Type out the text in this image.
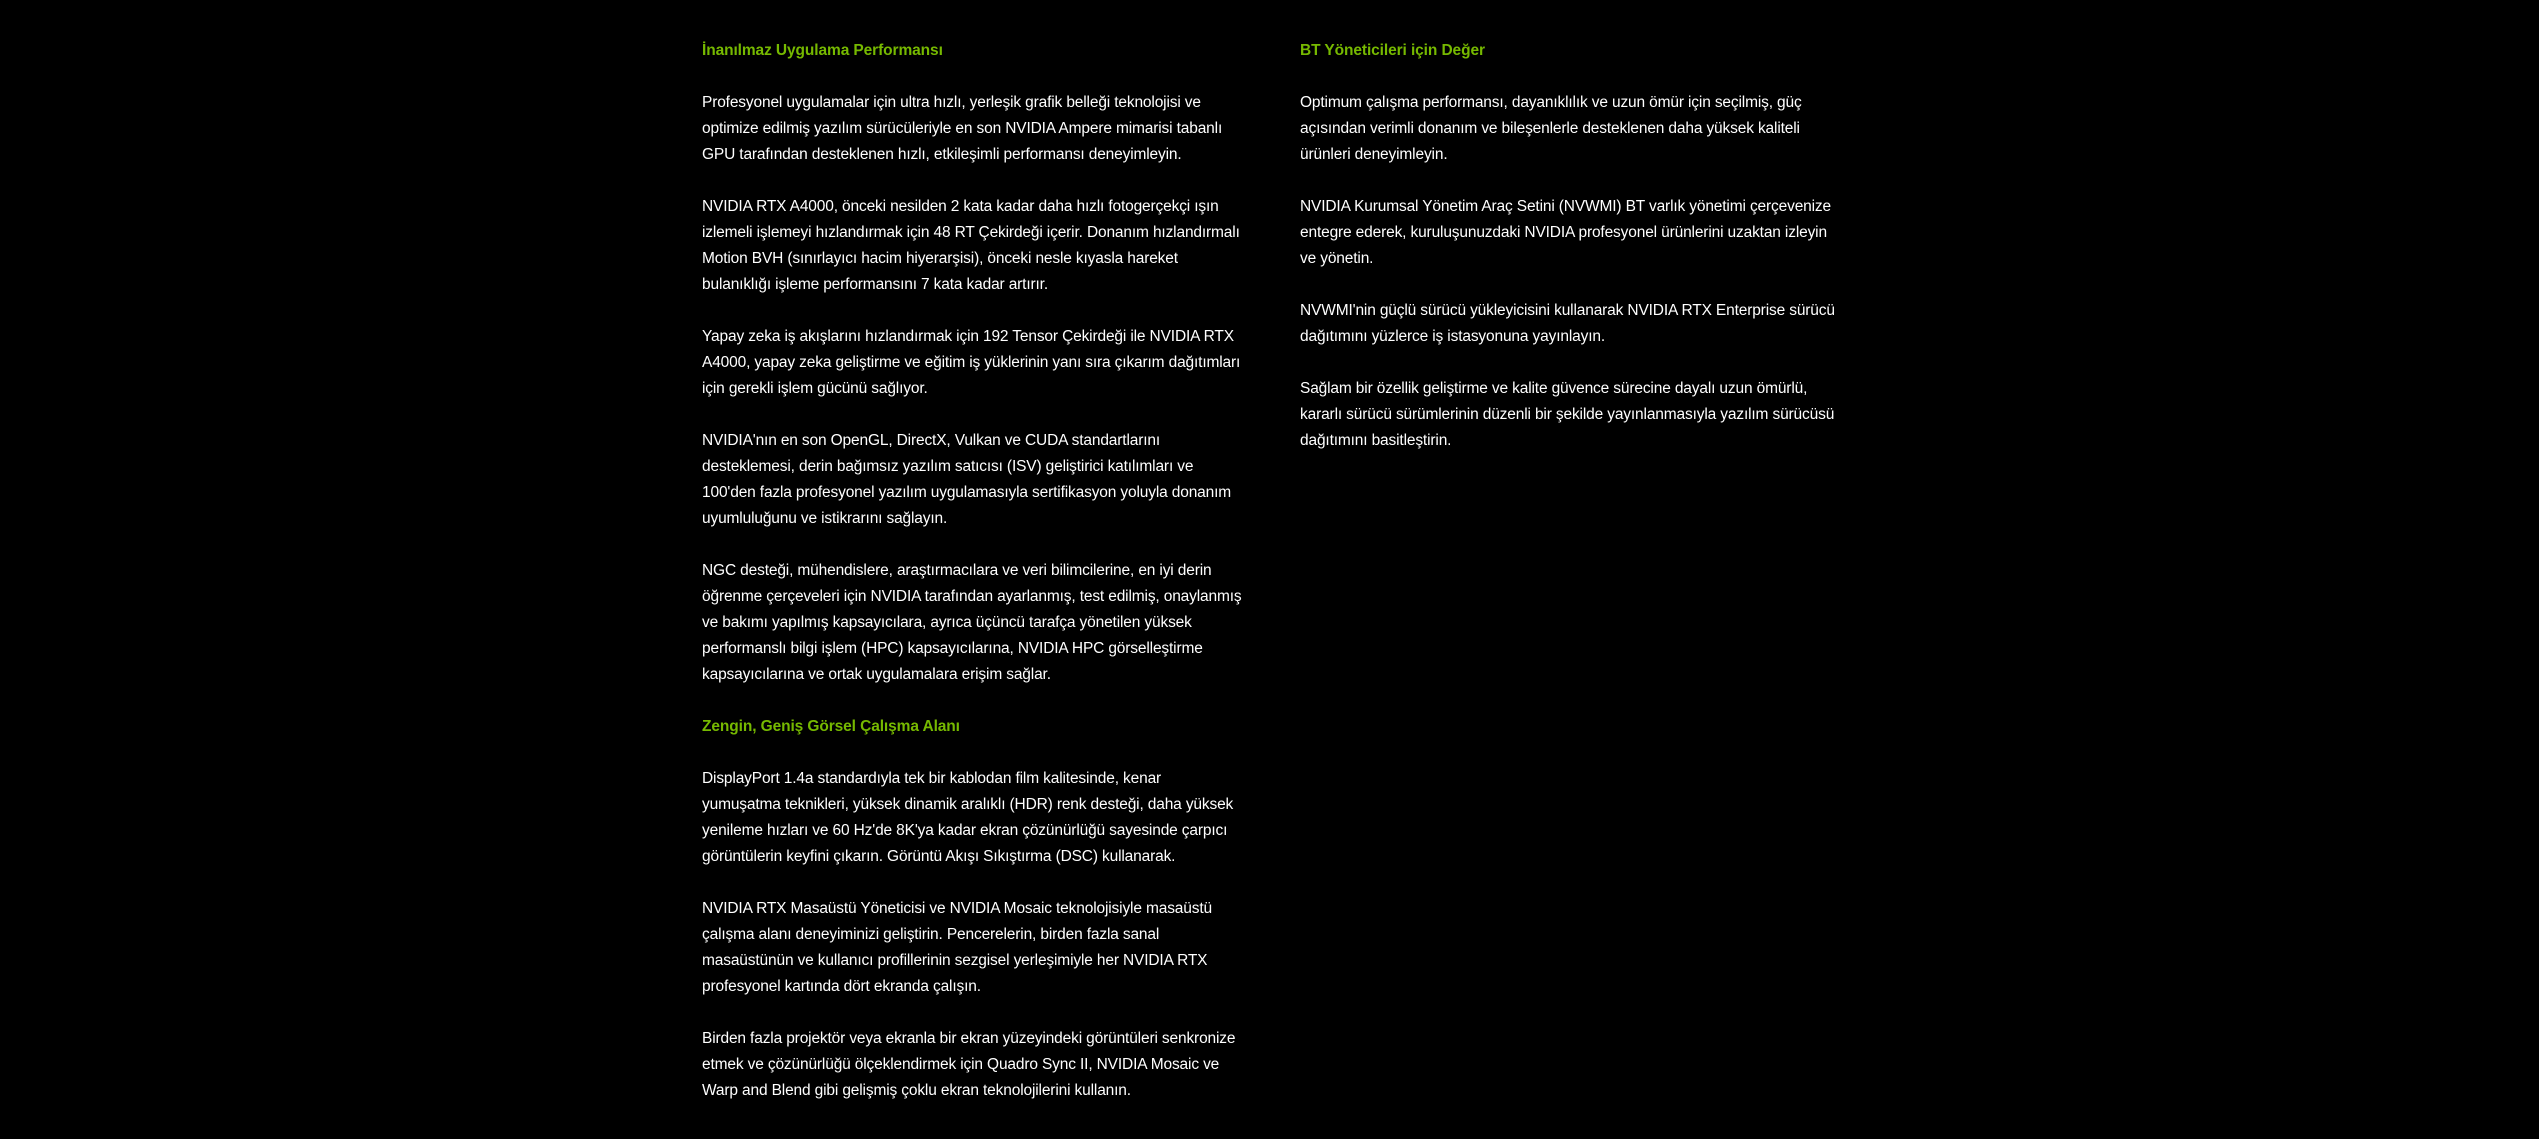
İnanılmaz Uygulama Performansı

Profesyonel uygulamalar için ultra hızlı, yerleşik grafik belleği teknolojisi ve optimize edilmiş yazılım sürücüleriyle en son NVIDIA Ampere mimarisi tabanlı GPU tarafından desteklenen hızlı, etkileşimli performansı deneyimleyin.

NVIDIA RTX A4000, önceki nesilden 2 kata kadar daha hızlı fotogerçekçi ışın izlemeli işlemeyi hızlandırmak için 48 RT Çekirdeği içerir. Donanım hızlandırmalı Motion BVH (sınırlayıcı hacim hiyerarşisi), önceki nesle kıyasla hareket bulanıklığı işleme performansını 7 kata kadar artırır.

Yapay zeka iş akışlarını hızlandırmak için 192 Tensor Çekirdeği ile NVIDIA RTX A4000, yapay zeka geliştirme ve eğitim iş yüklerinin yanı sıra çıkarım dağıtımları için gerekli işlem gücünü sağlıyor.

NVIDIA'nın en son OpenGL, DirectX, Vulkan ve CUDA standartlarını desteklemesi, derin bağımsız yazılım satıcısı (ISV) geliştirici katılımları ve 100'den fazla profesyonel yazılım uygulamasıyla sertifikasyon yoluyla donanım uyumluluğunu ve istikrarını sağlayın.

NGC desteği, mühendislere, araştırmacılara ve veri bilimcilerine, en iyi derin öğrenme çerçeveleri için NVIDIA tarafından ayarlanmış, test edilmiş, onaylanmış ve bakımı yapılmış kapsayıcılara, ayrıca üçüncü tarafça yönetilen yüksek performanslı bilgi işlem (HPC) kapsayıcılarına, NVIDIA HPC görselleştirme kapsayıcılarına ve ortak uygulamalara erişim sağlar.

Zengin, Geniş Görsel Çalışma Alanı

DisplayPort 1.4a standardıyla tek bir kablodan film kalitesinde, kenar yumuşatma teknikleri, yüksek dinamik aralıklı (HDR) renk desteği, daha yüksek yenileme hızları ve 60 Hz'de 8K'ya kadar ekran çözünürlüğü sayesinde çarpıcı görüntülerin keyfini çıkarın. Görüntü Akışı Sıkıştırma (DSC) kullanarak.

NVIDIA RTX Masaüstü Yöneticisi ve NVIDIA Mosaic teknolojisiyle masaüstü çalışma alanı deneyiminizi geliştirin. Pencerelerin, birden fazla sanal masaüstünün ve kullanıcı profillerinin sezgisel yerleşimiyle her NVIDIA RTX profesyonel kartında dört ekranda çalışın.

Birden fazla projektör veya ekranla bir ekran yüzeyindeki görüntüleri senkronize etmek ve çözünürlüğü ölçeklendirmek için Quadro Sync II, NVIDIA Mosaic ve Warp and Blend gibi gelişmiş çoklu ekran teknolojilerini kullanın.

BT Yöneticileri için Değer

Optimum çalışma performansı, dayanıklılık ve uzun ömür için seçilmiş, güç açısından verimli donanım ve bileşenlerle desteklenen daha yüksek kaliteli ürünleri deneyimleyin.

NVIDIA Kurumsal Yönetim Araç Setini (NVWMI) BT varlık yönetimi çerçevenize entegre ederek, kuruluşunuzdaki NVIDIA profesyonel ürünlerini uzaktan izleyin ve yönetin.

NVWMI'nin güçlü sürücü yükleyicisini kullanarak NVIDIA RTX Enterprise sürücü dağıtımını yüzlerce iş istasyonuna yayınlayın.

Sağlam bir özellik geliştirme ve kalite güvence sürecine dayalı uzun ömürlü, kararlı sürücü sürümlerinin düzenli bir şekilde yayınlanmasıyla yazılım sürücüsü dağıtımını basitleştirin.
